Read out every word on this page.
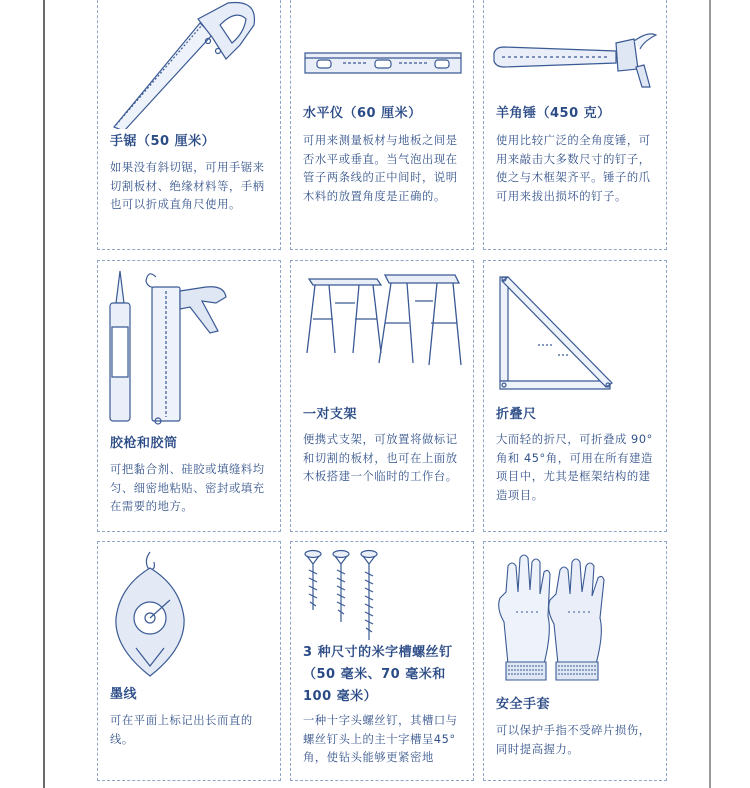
手锯（50 厘米）
如果没有斜切锯，可用手锯来切割板材、绝缘材料等，手柄也可以折成直角尺使用。
水平仪（60 厘米）
可用来测量板材与地板之间是否水平或垂直。当气泡出现在管子两条线的正中间时，说明木料的放置角度是正确的。
羊角锤（450 克）
使用比较广泛的全角度锤，可用来敲击大多数尺寸的钉子，使之与木框架齐平。锤子的爪可用来拔出损坏的钉子。
胶枪和胶筒
可把黏合剂、硅胶或填缝料均匀、细密地粘贴、密封或填充在需要的地方。
一对支架
便携式支架，可放置将做标记和切割的板材，也可在上面放木板搭建一个临时的工作台。
折叠尺
大而轻的折尺，可折叠成 90°角和 45°角，可用在所有建造项目中，尤其是框架结构的建造项目。
墨线
可在平面上标记出长而直的线。
3 种尺寸的米字槽螺丝钉（50 毫米、70 毫米和 100 毫米）
一种十字头螺丝钉，其槽口与螺丝钉头上的主十字槽呈45°角，使钻头能够更紧密地
安全手套
可以保护手指不受碎片损伤，同时提高握力。
